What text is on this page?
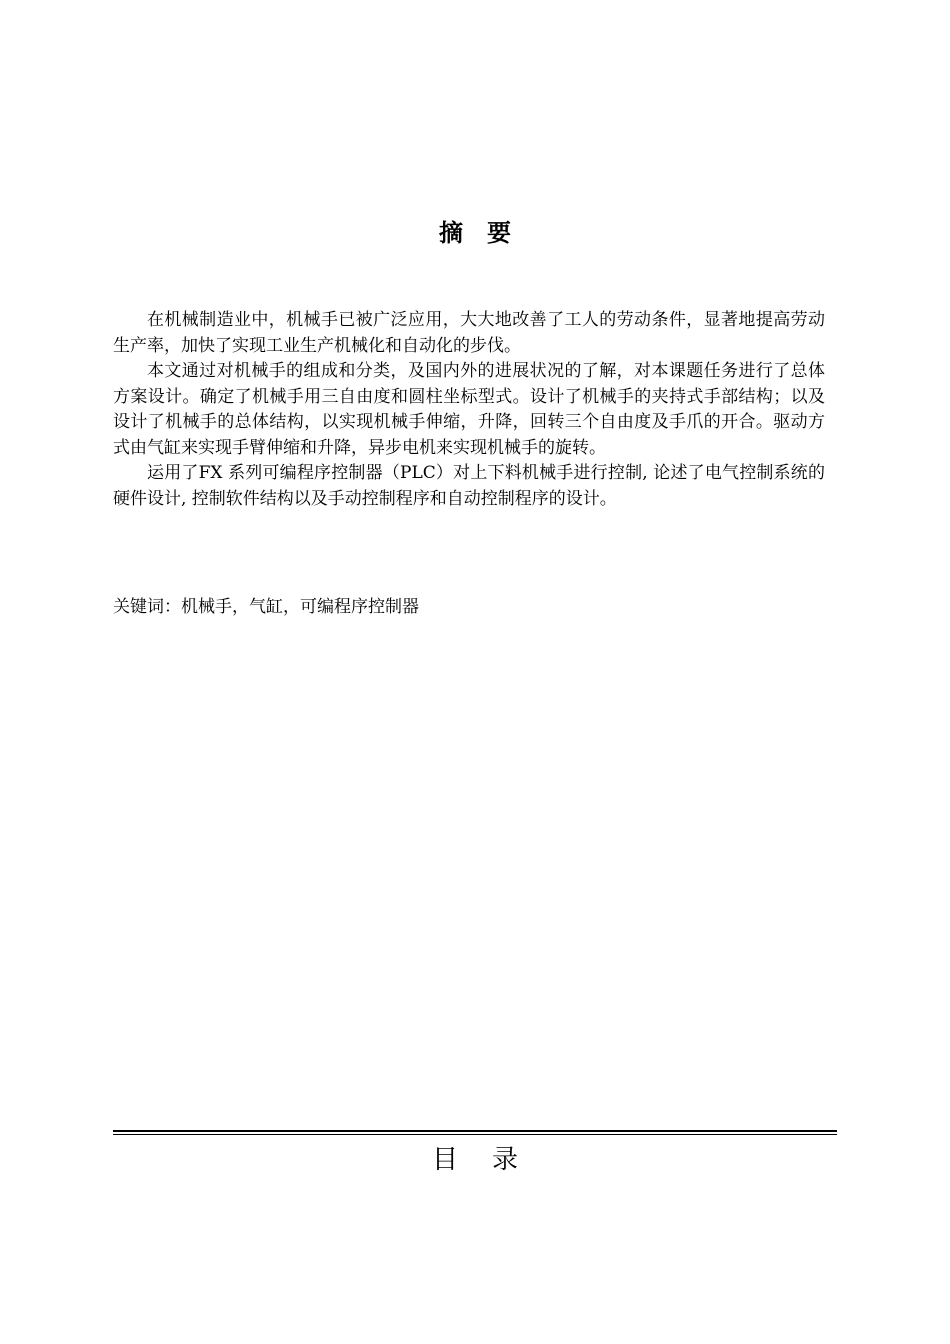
摘 要

在机械制造业中，机械手已被广泛应用，大大地改善了工人的劳动条件，显著地提高劳动生产率，加快了实现工业生产机械化和自动化的步伐。

本文通过对机械手的组成和分类，及国内外的进展状况的了解，对本课题任务进行了总体方案设计。确定了机械手用三自由度和圆柱坐标型式。设计了机械手的夹持式手部结构；以及设计了机械手的总体结构，以实现机械手伸缩，升降，回转三个自由度及手爪的开合。驱动方式由气缸来实现手臂伸缩和升降，异步电机来实现机械手的旋转。

运用了FX 系列可编程序控制器（PLC）对上下料机械手进行控制, 论述了电气控制系统的硬件设计, 控制软件结构以及手动控制程序和自动控制程序的设计。

关键词：机械手，气缸，可编程序控制器
目 录
